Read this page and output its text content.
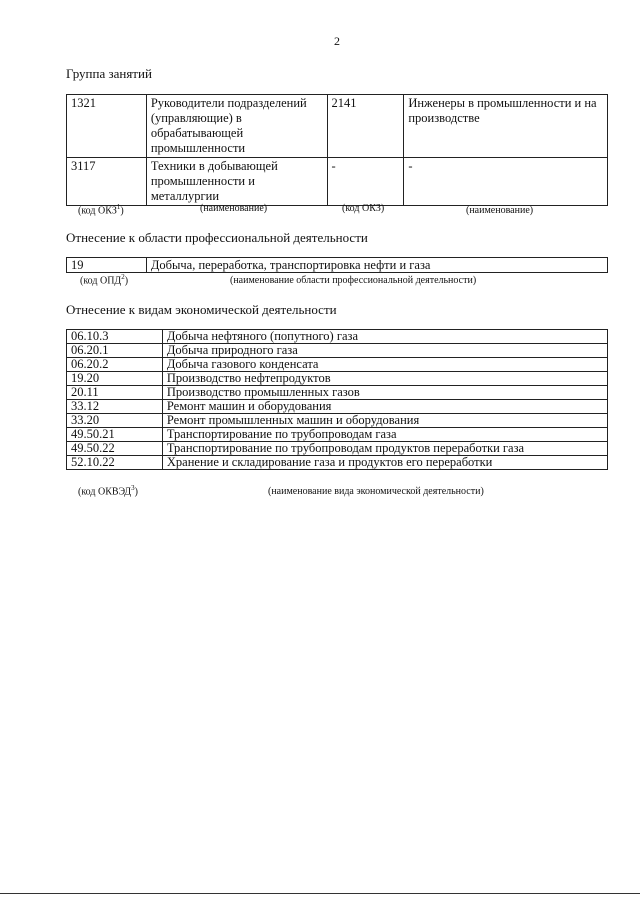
2
Группа занятий
1321	Руководители подразделений (управляющие) в обрабатывающей промышленности	2141	Инженеры в промышленности и на производстве
3117	Техники в добывающей промышленности и металлургии	-	-
(код ОКЗ$^1$)	(наименование)	(код ОКЗ)	(наименование)
Отнесение к области профессиональной деятельности
19	Добыча, переработка, транспортировка нефти и газа
(код ОПД$^2$)	(наименование области профессиональной деятельности)
Отнесение к видам экономической деятельности
06.10.3	Добыча нефтяного (попутного) газа
06.20.1	Добыча природного газа
06.20.2	Добыча газового конденсата
19.20	Производство нефтепродуктов
20.11	Производство промышленных газов
33.12	Ремонт машин и оборудования
33.20	Ремонт промышленных машин и оборудования
49.50.21	Транспортирование по трубопроводам газа
49.50.22	Транспортирование по трубопроводам продуктов переработки газа
52.10.22	Хранение и складирование газа и продуктов его переработки
(код ОКВЭД$^3$)	(наименование вида экономической деятельности)
